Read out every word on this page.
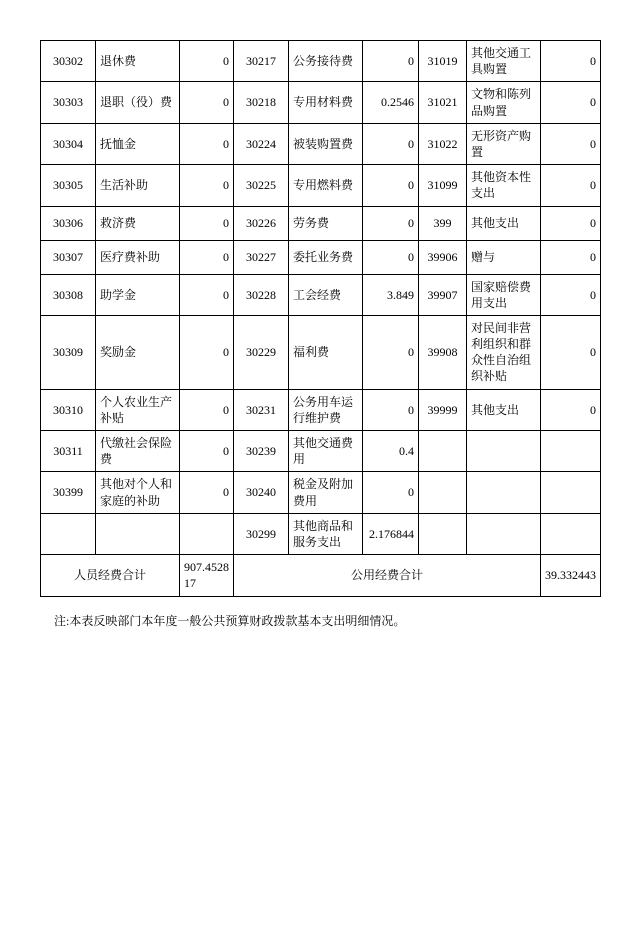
30302	退休费	0	30217	公务接待费	0	31019	其他交通工具购置	0
30303	退职（役）费	0	30218	专用材料费	0.2546	31021	文物和陈列品购置	0
30304	抚恤金	0	30224	被装购置费	0	31022	无形资产购置	0
30305	生活补助	0	30225	专用燃料费	0	31099	其他资本性支出	0
30306	救济费	0	30226	劳务费	0	399	其他支出	0
30307	医疗费补助	0	30227	委托业务费	0	39906	赠与	0
30308	助学金	0	30228	工会经费	3.849	39907	国家赔偿费用支出	0
30309	奖励金	0	30229	福利费	0	39908	对民间非营利组织和群众性自治组织补贴	0
30310	个人农业生产补贴	0	30231	公务用车运行维护费	0	39999	其他支出	0
30311	代缴社会保险费	0	30239	其他交通费用	0.4			
30399	其他对个人和家庭的补助	0	30240	税金及附加费用	0			
			30299	其他商品和服务支出	2.176844			
人员经费合计		907.452817	公用经费合计					39.332443
注:本表反映部门本年度一般公共预算财政拨款基本支出明细情况。
